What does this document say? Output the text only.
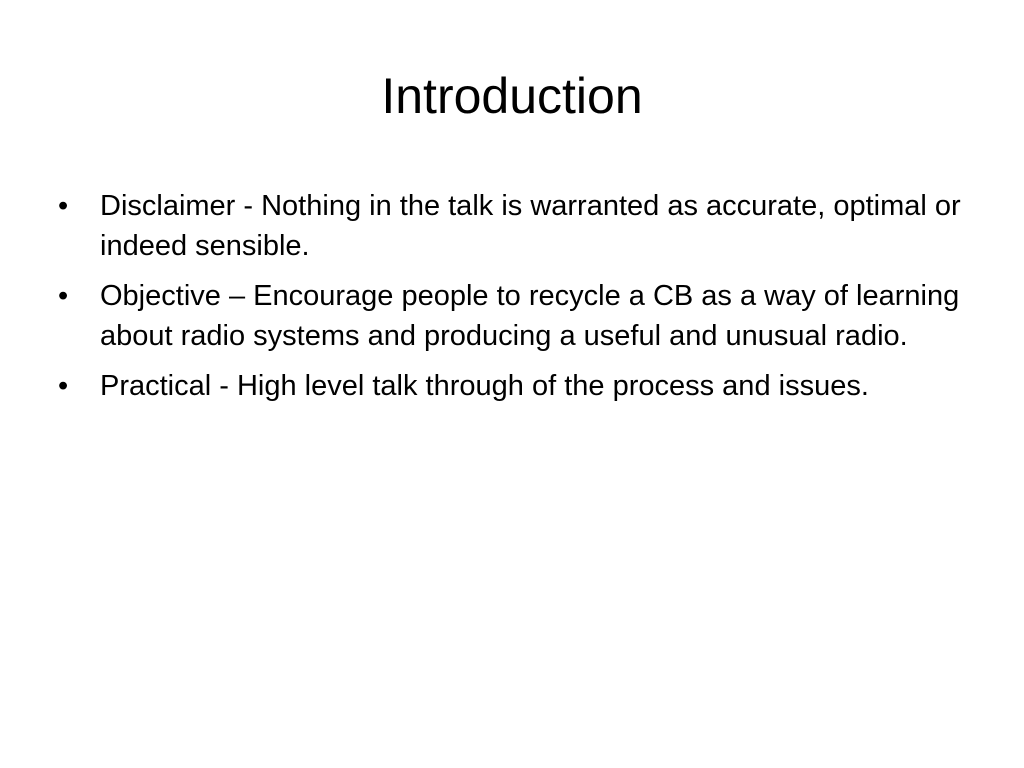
Introduction
•	Disclaimer - Nothing in the talk is warranted as accurate, optimal or indeed sensible.
•	Objective – Encourage people to recycle a CB as a way of learning about radio systems and producing a useful and unusual radio.
•	Practical - High level talk through of the process and issues.
